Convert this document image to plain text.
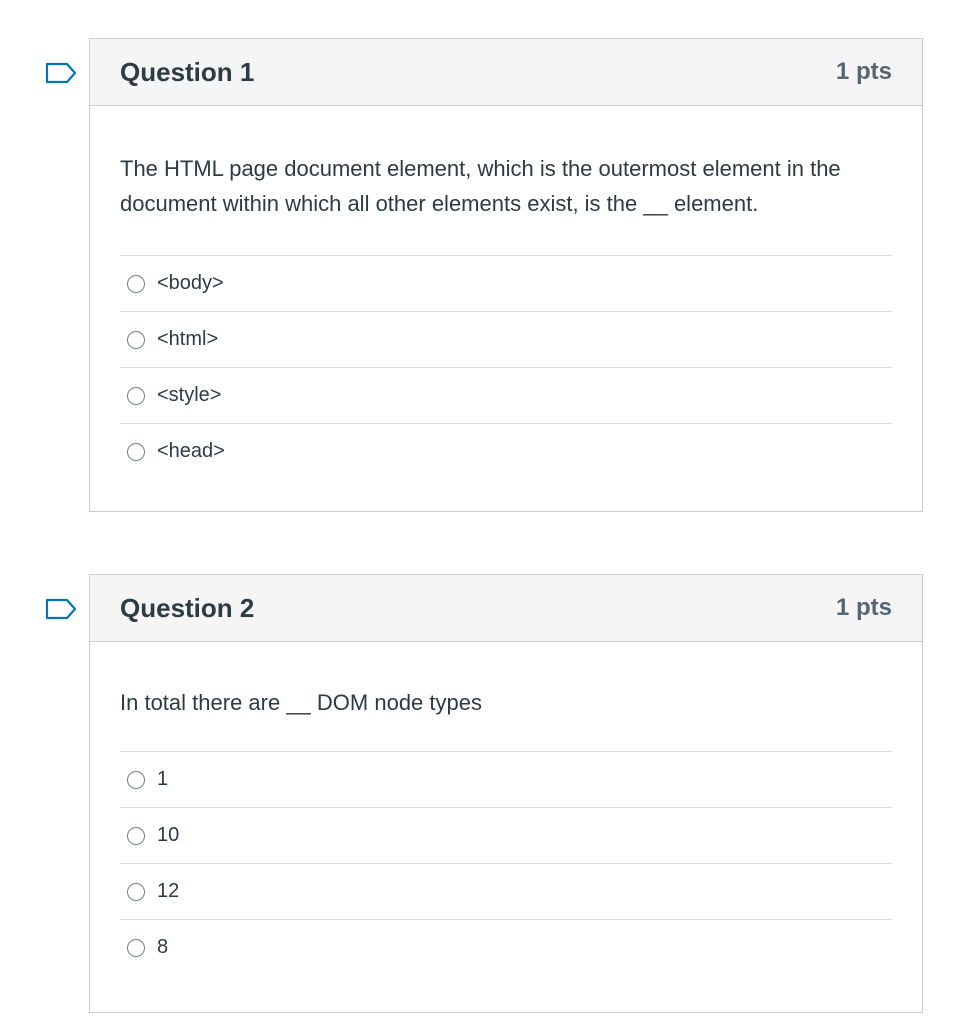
Question 1	1 pts

The HTML page document element, which is the outermost element in the document within which all other elements exist, is the __ element.

<body>
<html>
<style>
<head>
Question 2	1 pts

In total there are __ DOM node types

1
10
12
8
